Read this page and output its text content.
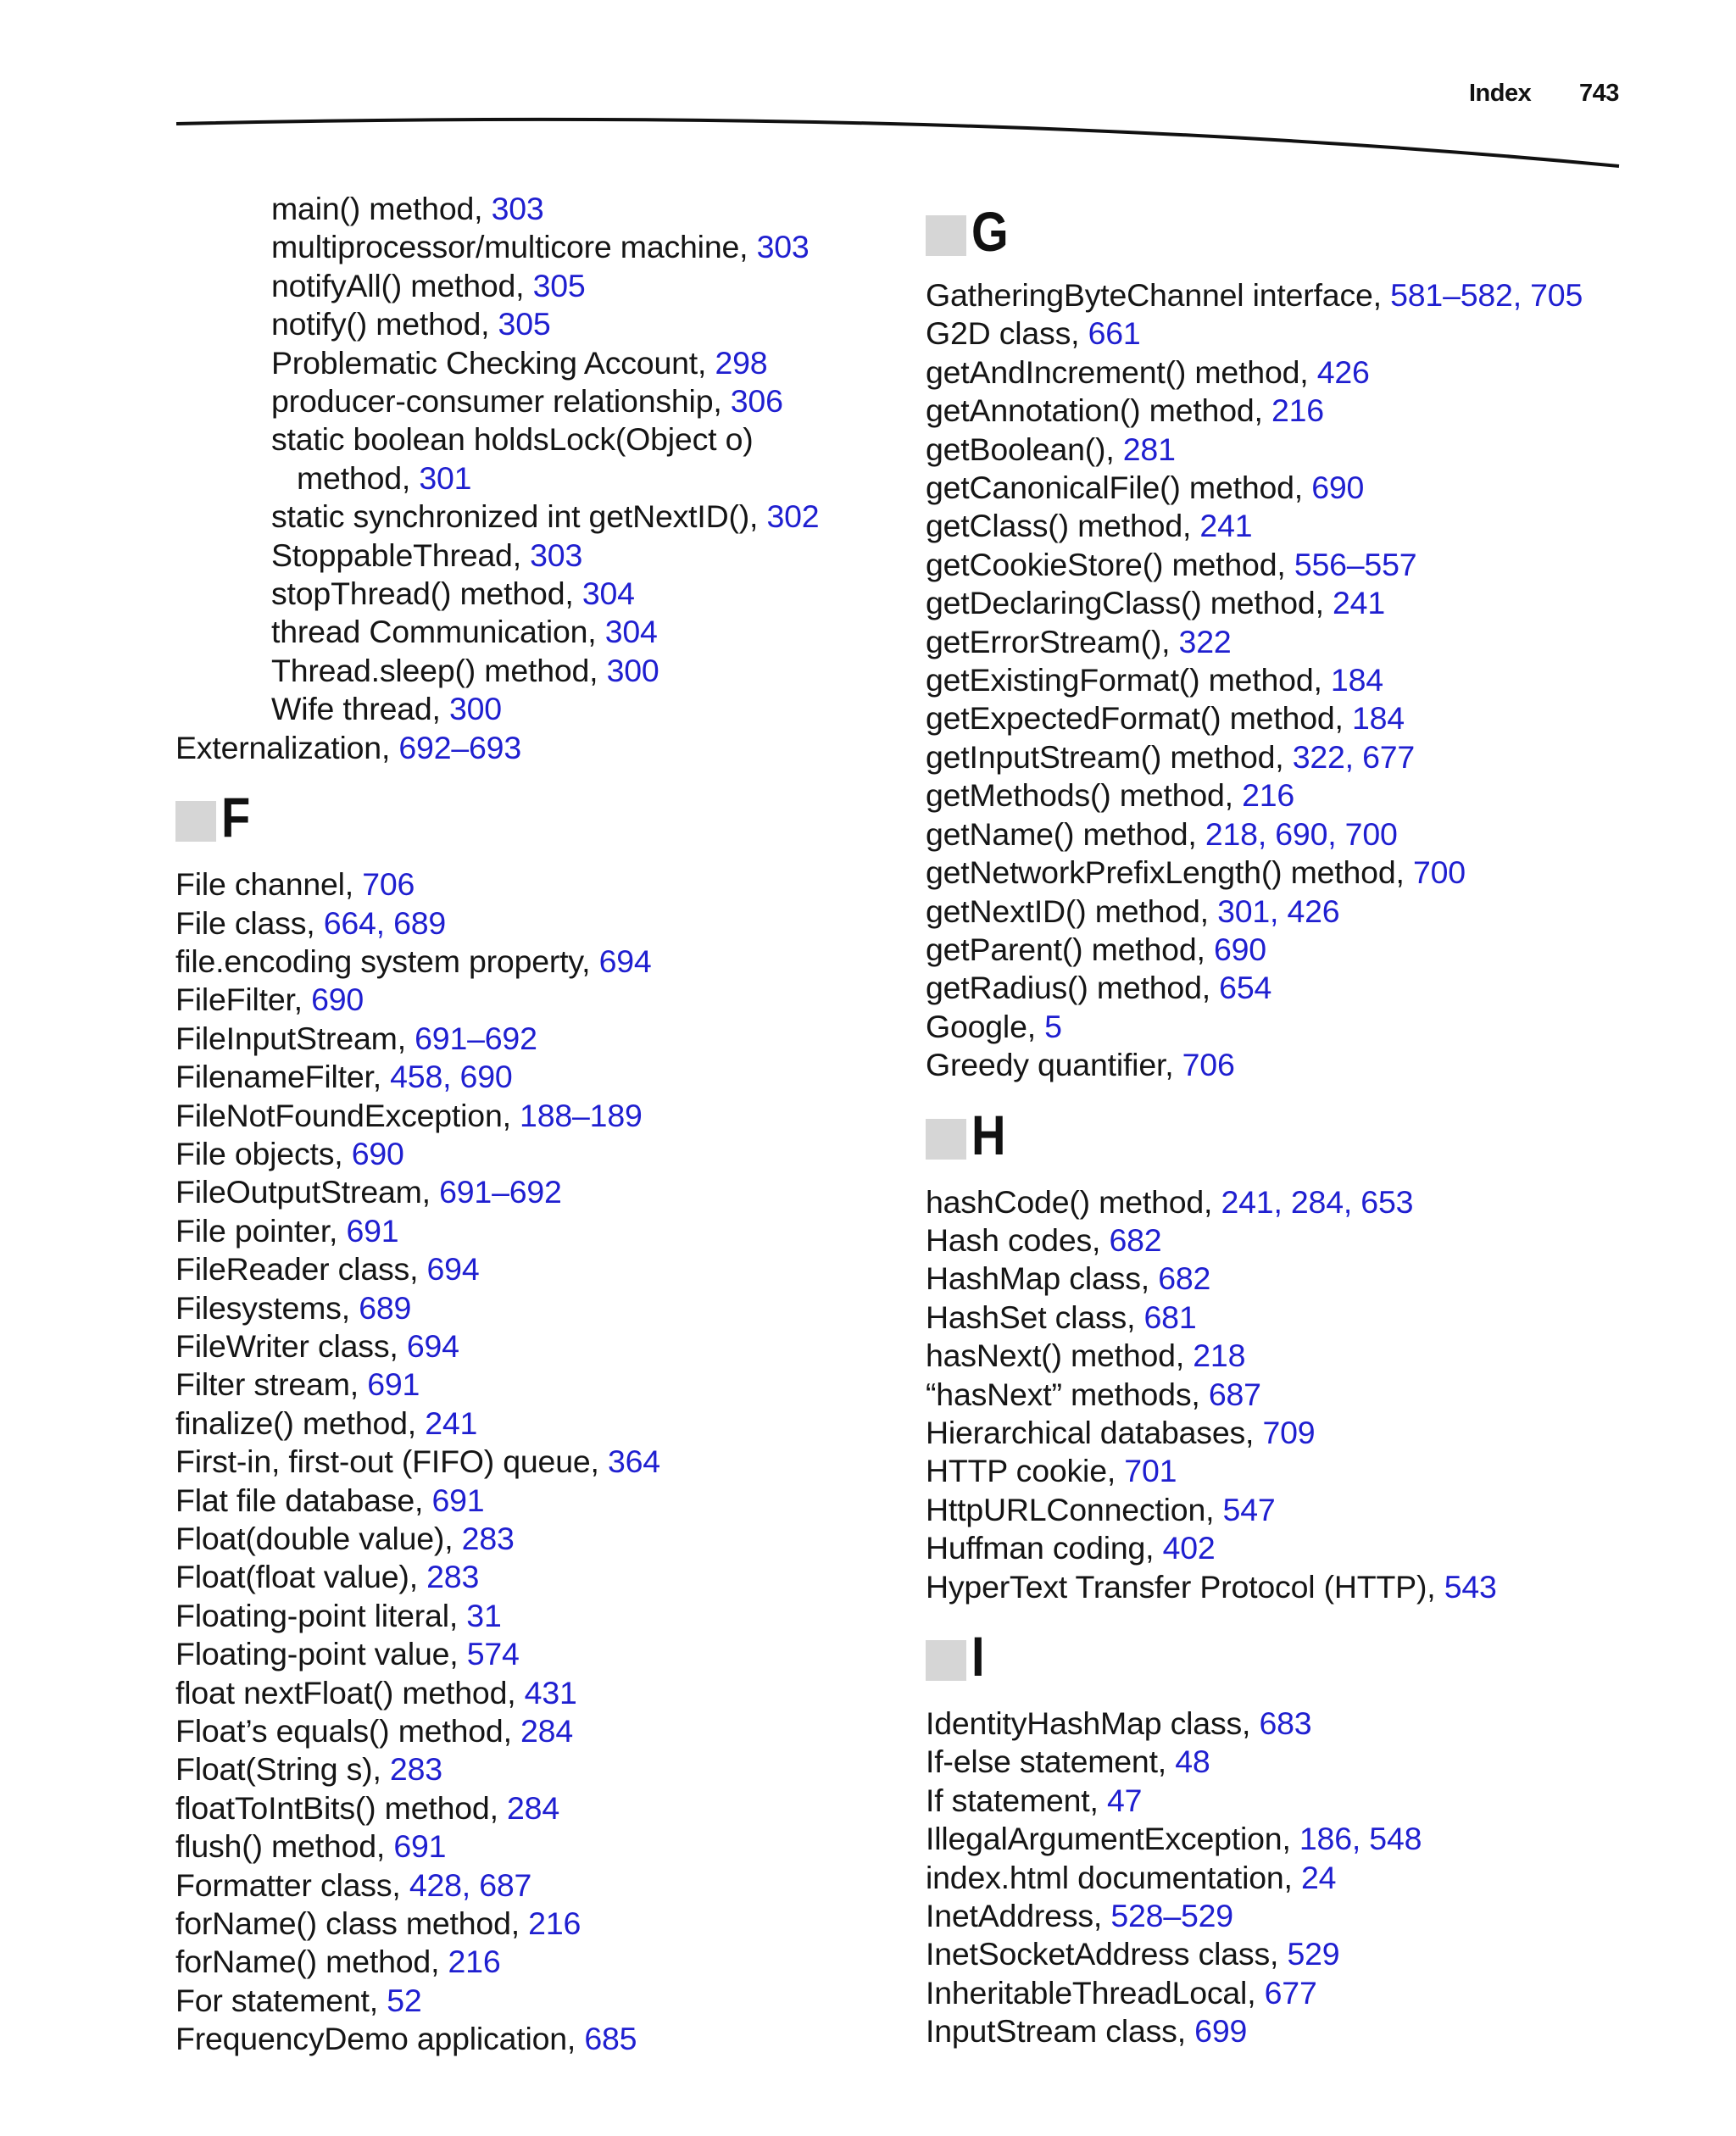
Index 743
main() method, 303
multiprocessor/multicore machine, 303
notifyAll() method, 305
notify() method, 305
Problematic Checking Account, 298
producer-consumer relationship, 306
static boolean holdsLock(Object o)
method, 301
static synchronized int getNextID(), 302
StoppableThread, 303
stopThread() method, 304
thread Communication, 304
Thread.sleep() method, 300
Wife thread, 300
Externalization, 692–693
F
File channel, 706
File class, 664, 689
file.encoding system property, 694
FileFilter, 690
FileInputStream, 691–692
FilenameFilter, 458, 690
FileNotFoundException, 188–189
File objects, 690
FileOutputStream, 691–692
File pointer, 691
FileReader class, 694
Filesystems, 689
FileWriter class, 694
Filter stream, 691
finalize() method, 241
First-in, first-out (FIFO) queue, 364
Flat file database, 691
Float(double value), 283
Float(float value), 283
Floating-point literal, 31
Floating-point value, 574
float nextFloat() method, 431
Float’s equals() method, 284
Float(String s), 283
floatToIntBits() method, 284
flush() method, 691
Formatter class, 428, 687
forName() class method, 216
forName() method, 216
For statement, 52
FrequencyDemo application, 685
G
GatheringByteChannel interface, 581–582, 705
G2D class, 661
getAndIncrement() method, 426
getAnnotation() method, 216
getBoolean(), 281
getCanonicalFile() method, 690
getClass() method, 241
getCookieStore() method, 556–557
getDeclaringClass() method, 241
getErrorStream(), 322
getExistingFormat() method, 184
getExpectedFormat() method, 184
getInputStream() method, 322, 677
getMethods() method, 216
getName() method, 218, 690, 700
getNetworkPrefixLength() method, 700
getNextID() method, 301, 426
getParent() method, 690
getRadius() method, 654
Google, 5
Greedy quantifier, 706
H
hashCode() method, 241, 284, 653
Hash codes, 682
HashMap class, 682
HashSet class, 681
hasNext() method, 218
“hasNext” methods, 687
Hierarchical databases, 709
HTTP cookie, 701
HttpURLConnection, 547
Huffman coding, 402
HyperText Transfer Protocol (HTTP), 543
I
IdentityHashMap class, 683
If-else statement, 48
If statement, 47
IllegalArgumentException, 186, 548
index.html documentation, 24
InetAddress, 528–529
InetSocketAddress class, 529
InheritableThreadLocal, 677
InputStream class, 699
